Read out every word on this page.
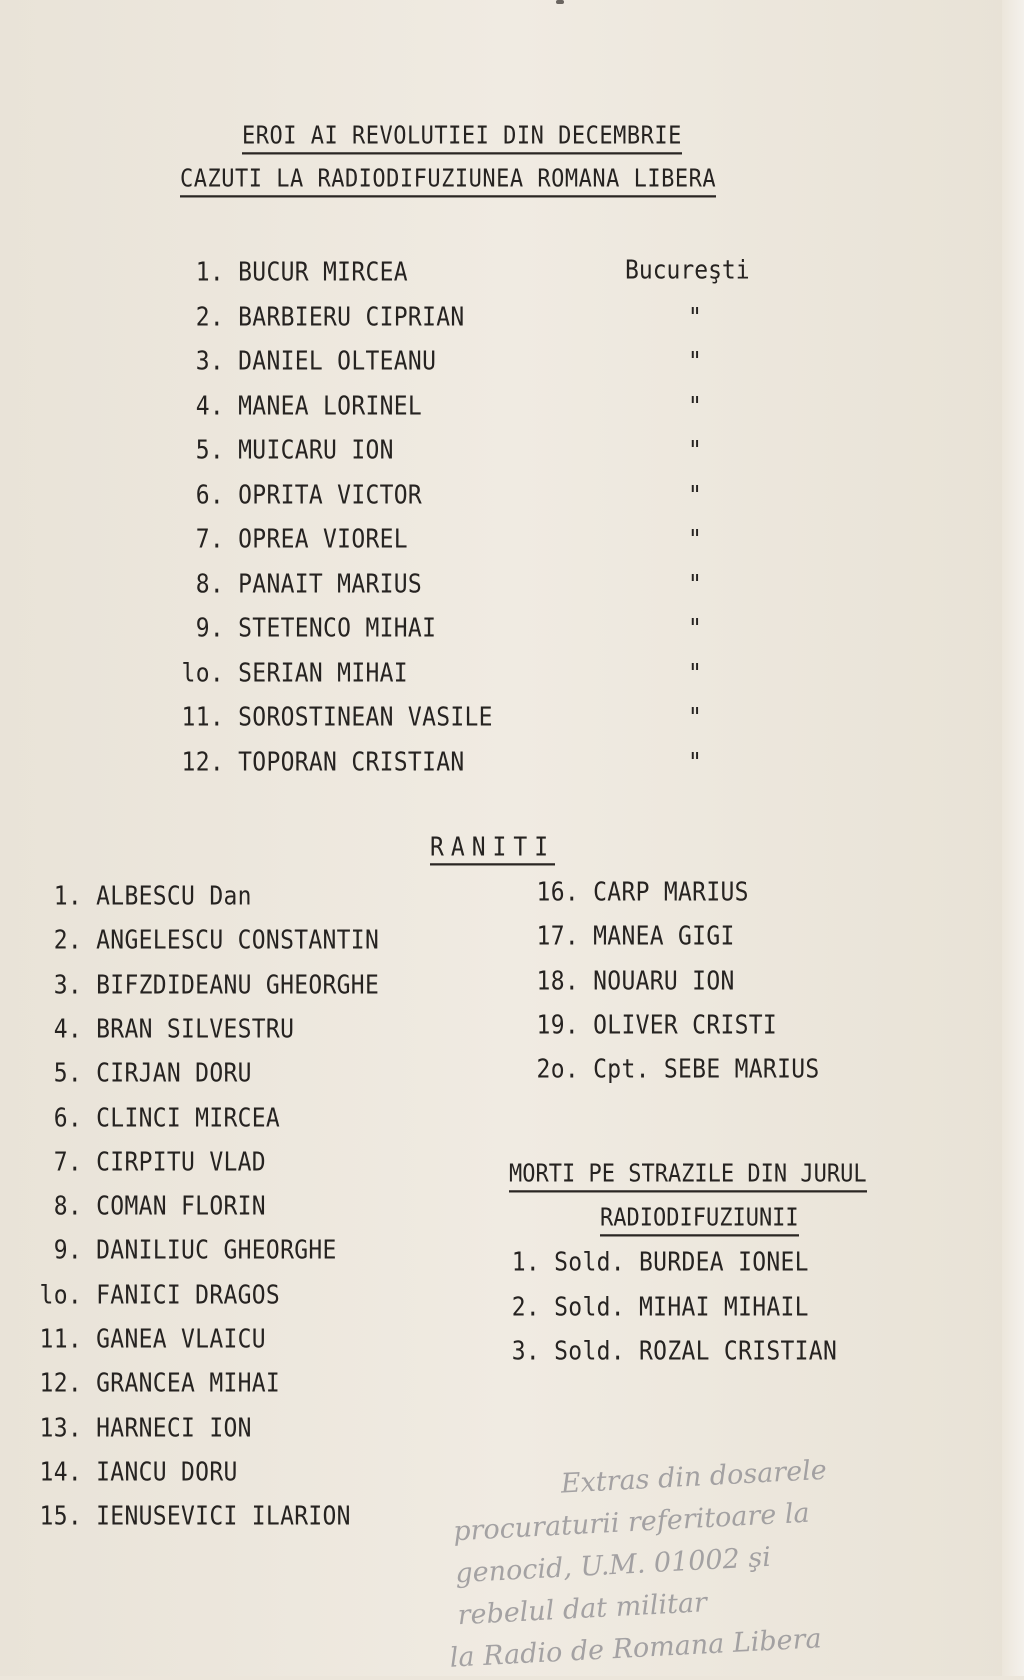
EROI AI REVOLUTIEI DIN DECEMBRIE
CAZUTI LA RADIODIFUZIUNEA ROMANA LIBERA
1. BUCUR MIRCEA	Bucureşti
2. BARBIERU CIPRIAN	"
3. DANIEL OLTEANU	"
4. MANEA LORINEL	"
5. MUICARU ION	"
6. OPRITA VICTOR	"
7. OPREA VIOREL	"
8. PANAIT MARIUS	"
9. STETENCO MIHAI	"
lo. SERIAN MIHAI	"
11. SOROSTINEAN VASILE	"
12. TOPORAN CRISTIAN	"
RANITI
1. ALBESCU Dan
2. ANGELESCU CONSTANTIN
3. BIFZDIDEANU GHEORGHE
4. BRAN SILVESTRU
5. CIRJAN DORU
6. CLINCI MIRCEA
7. CIRPITU VLAD
8. COMAN FLORIN
9. DANILIUC GHEORGHE
lo. FANICI DRAGOS
11. GANEA VLAICU
12. GRANCEA MIHAI
13. HARNECI ION
14. IANCU DORU
15. IENUSEVICI ILARION
16. CARP MARIUS
17. MANEA GIGI
18. NOUARU ION
19. OLIVER CRISTI
2o. Cpt. SEBE MARIUS
MORTI PE STRAZILE DIN JURUL
RADIODIFUZIUNII
1. Sold. BURDEA IONEL
2. Sold. MIHAI MIHAIL
3. Sold. ROZAL CRISTIAN
Extras din dosarele
procuraturii referitoare la
genocid, U.M. 01002 şi
rebelul dat militar
la Radio de Romana Libera
